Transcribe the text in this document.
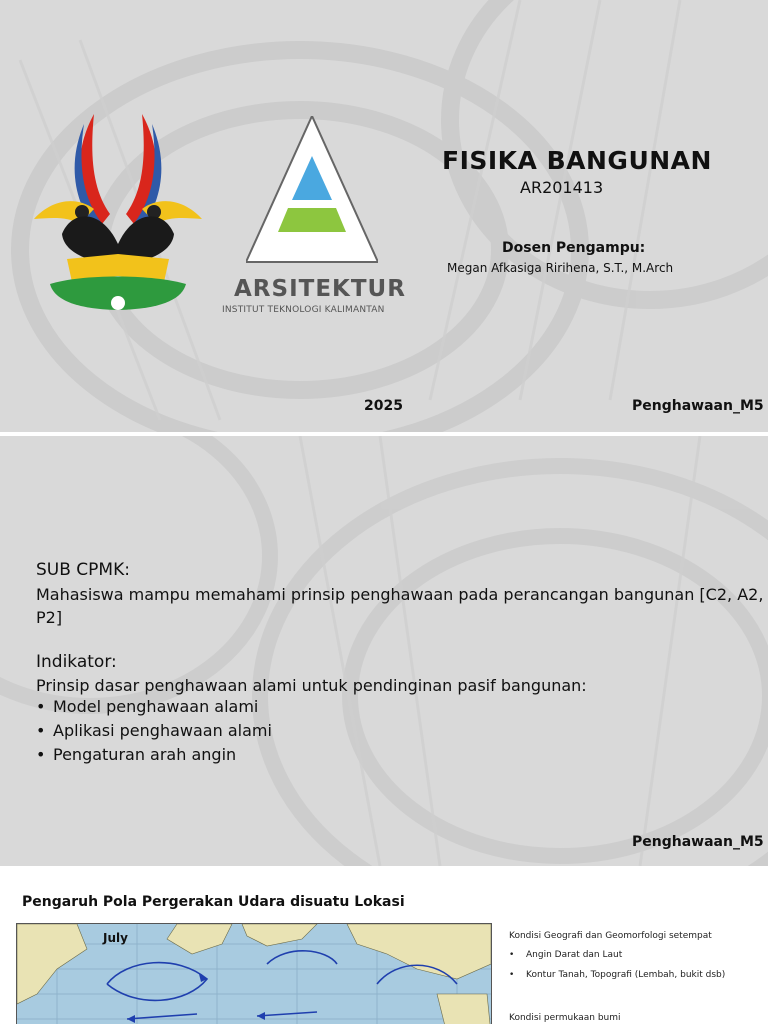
ARSITEKTUR
INSTITUT TEKNOLOGI KALIMANTAN
FISIKA BANGUNAN
AR201413
Dosen Pengampu:
Megan Afkasiga Ririhena, S.T., M.Arch
2025	Penghawaan_M5
SUB CPMK:
Mahasiswa mampu memahami prinsip penghawaan pada perancangan bangunan [C2, A2, P2]
Indikator:
Prinsip dasar penghawaan alami untuk pendinginan pasif bangunan:
• Model penghawaan alami
• Aplikasi penghawaan alami
• Pengaturan arah angin
Penghawaan_M5
Pengaruh Pola Pergerakan Udara disuatu Lokasi
July	Kondisi Geografi dan Geomorfologi setempat
• Angin Darat dan Laut
• Kontur Tanah, Topografi (Lembah, bukit dsb)
Kondisi permukaan bumi
